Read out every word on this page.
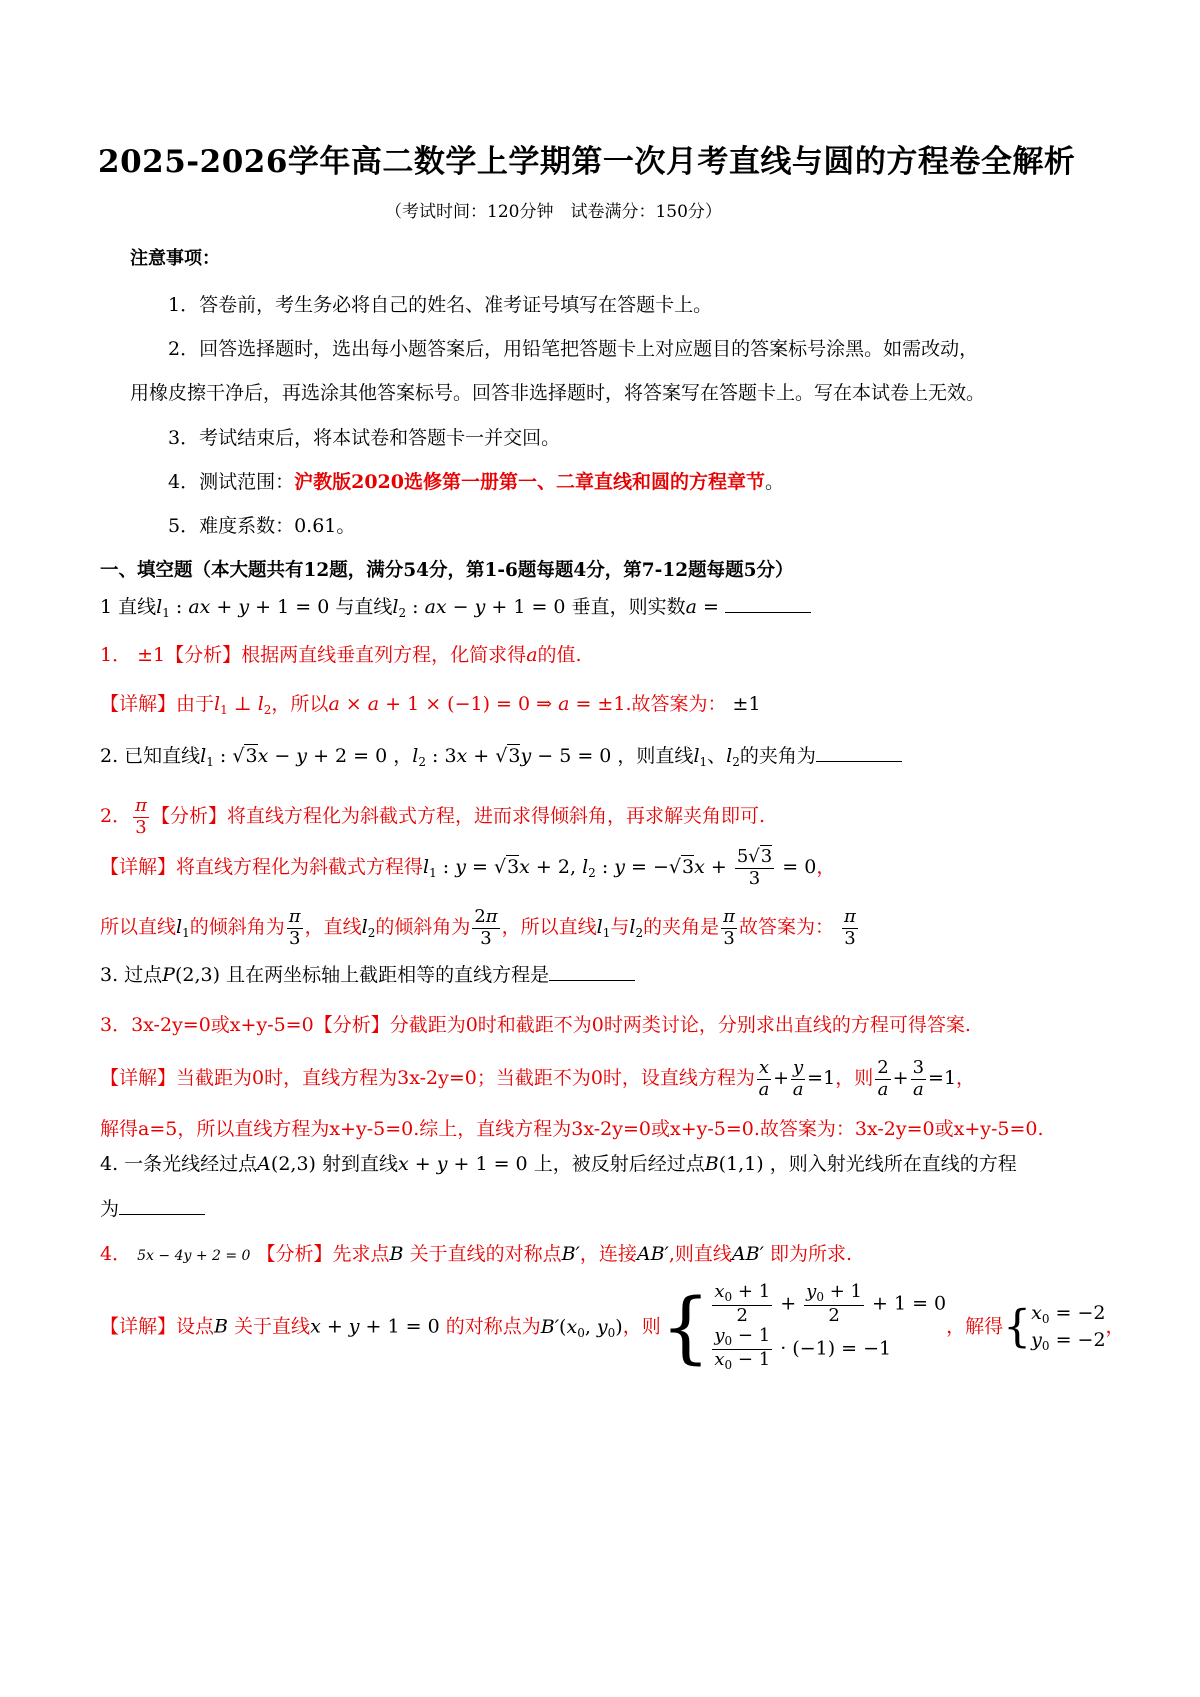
2025-2026学年高二数学上学期第一次月考直线与圆的方程卷全解析
（考试时间：120分钟　试卷满分：150分）
注意事项：
1．答卷前，考生务必将自己的姓名、准考证号填写在答题卡上。
2．回答选择题时，选出每小题答案后，用铅笔把答题卡上对应题目的答案标号涂黑。如需改动，
用橡皮擦干净后，再选涂其他答案标号。回答非选择题时，将答案写在答题卡上。写在本试卷上无效。
3．考试结束后，将本试卷和答题卡一并交回。
4．测试范围：沪教版2020选修第一册第一、二章直线和圆的方程章节。
5．难度系数：0.61。
一、填空题（本大题共有12题，满分54分，第1-6题每题4分，第7-12题每题5分）
1 直线$l_1$ : ax + y + 1 = 0 与直线$l_2$ : ax − y + 1 = 0 垂直，则实数a =
1． ±1【分析】根据两直线垂直列方程，化简求得a的值.
【详解】由于$l_1$ ⊥ $l_2$，所以a × a + 1 × (−1) = 0 ⇒ a = ±1.故答案为： ±1
2. 已知直线$l_1$ : √3x − y + 2 = 0 ，$l_2$ : 3x + √3y − 5 = 0 ，则直线$l_1$、$l_2$的夹角为
2． $\frac{\pi}{3}$ 【分析】将直线方程化为斜截式方程，进而求得倾斜角，再求解夹角即可.
【详解】将直线方程化为斜截式方程得$l_1$ : y = √3x + 2, $l_2$ : $y = -√3x + \frac{5√3}{3} = 0$，
所以直线$l_1$的倾斜角为 $\frac{\pi}{3}$ ，直线$l_2$的倾斜角为 $\frac{2\pi}{3}$ ，所以直线$l_1$与$l_2$的夹角是 $\frac{\pi}{3}$ 故答案为： $\frac{\pi}{3}$
3. 过点P(2,3) 且在两坐标轴上截距相等的直线方程是
3．3x-2y=0或x+y-5=0【分析】分截距为0时和截距不为0时两类讨论，分别求出直线的方程可得答案.
【详解】当截距为0时，直线方程为3x-2y=0；当截距不为0时，设直线方程为 $\frac{x}{a} + \frac{y}{a} =1$，则 $\frac{2}{a} + \frac{3}{a} =1$，
解得a=5，所以直线方程为x+y-5=0.综上，直线方程为3x-2y=0或x+y-5=0.故答案为：3x-2y=0或x+y-5=0.
4. 一条光线经过点A(2,3) 射到直线x + y + 1 = 0 上，被反射后经过点B(1,1) ，则入射光线所在直线的方程
为
4． 5x − 4y + 2 = 0 【分析】先求点B 关于直线的对称点B′，连接AB′,则直线AB′ 即为所求.
【详解】设点B 关于直线x + y + 1 = 0 的对称点为$B'(x_0$, $y_0$)，则{ $\frac{x_0 + 1}{2} + \frac{y_0 + 1}{2} + 1 = 0$
$\frac{y_0 - 1}{x_0 - 1} \cdot (-1) = -1$
，解得{ $x_0 = -2$
$y_0 = -2$
，
